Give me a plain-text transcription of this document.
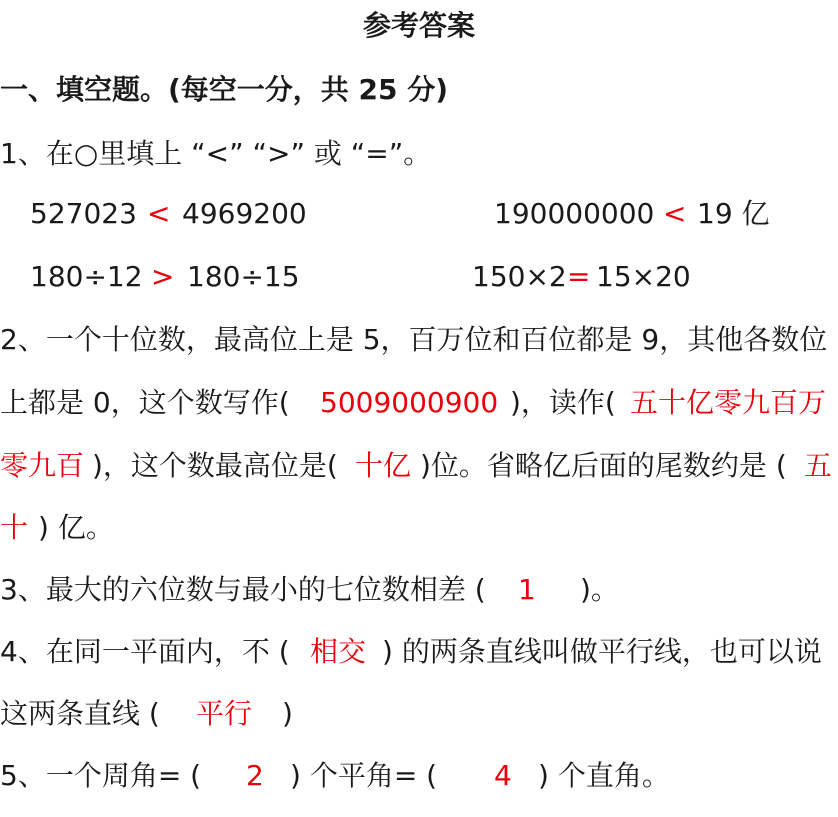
参考答案
一、填空题。(每空一分，共 25 分)
1、在○里填上 “<” “>” 或 “=”。
527023 < 4969200	190000000 < 19 亿
180÷12 > 180÷15	150×2 = 15×20
2、一个十位数，最高位上是 5，百万位和百位都是 9，其他各数位
上都是 0，这个数写作( 5009000900 )，读作( 五十亿零九百万
零九百 )，这个数最高位是( 十亿 )位。省略亿后面的尾数约是 ( 五
十 ) 亿。
3、最大的六位数与最小的七位数相差 ( 1 )。
4、在同一平面内，不 ( 相交 ) 的两条直线叫做平行线，也可以说
这两条直线 ( 平行 )
5、一个周角= ( 2 ) 个平角= ( 4 ) 个直角。
